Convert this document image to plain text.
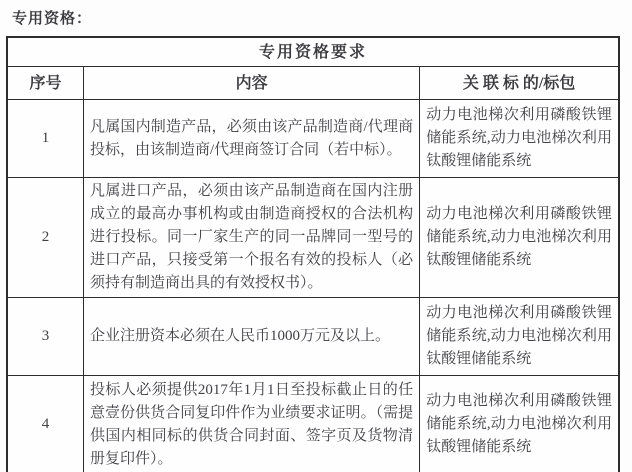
专用资格：
专用资格要求		
序号	内容	关 联 标 的/标包
1	凡属国内制造产品，必须由该产品制造商/代理商投标，由该制造商/代理商签订合同（若中标）。	动力电池梯次利用磷酸铁锂储能系统,动力电池梯次利用钛酸锂储能系统
2	凡属进口产品，必须由该产品制造商在国内注册成立的最高办事机构或由制造商授权的合法机构进行投标。同一厂家生产的同一品牌同一型号的进口产品，只接受第一个报名有效的投标人（必须持有制造商出具的有效授权书）。	动力电池梯次利用磷酸铁锂储能系统,动力电池梯次利用钛酸锂储能系统
3	企业注册资本必须在人民币1000万元及以上。	动力电池梯次利用磷酸铁锂储能系统,动力电池梯次利用钛酸锂储能系统
4	投标人必须提供2017年1月1日至投标截止日的任意壹份供货合同复印件作为业绩要求证明。（需提供国内相同标的供货合同封面、签字页及货物清册复印件）。	动力电池梯次利用磷酸铁锂储能系统,动力电池梯次利用钛酸锂储能系统
